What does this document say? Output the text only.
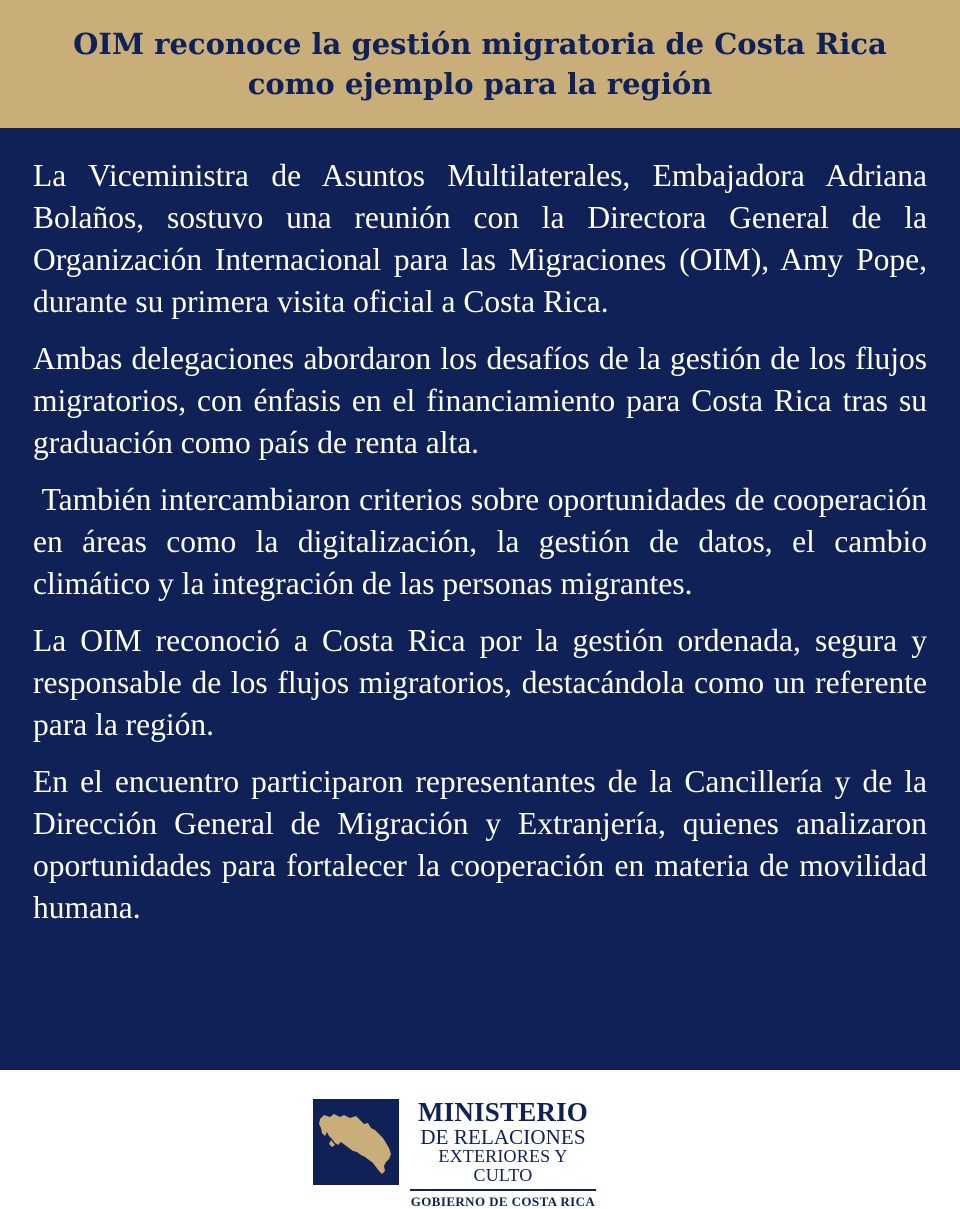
OIM reconoce la gestión migratoria de Costa Rica como ejemplo para la región

La Viceministra de Asuntos Multilaterales, Embajadora Adriana Bolaños, sostuvo una reunión con la Directora General de la Organización Internacional para las Migraciones (OIM), Amy Pope, durante su primera visita oficial a Costa Rica.

Ambas delegaciones abordaron los desafíos de la gestión de los flujos migratorios, con énfasis en el financiamiento para Costa Rica tras su graduación como país de renta alta.

También intercambiaron criterios sobre oportunidades de cooperación en áreas como la digitalización, la gestión de datos, el cambio climático y la integración de las personas migrantes.

La OIM reconoció a Costa Rica por la gestión ordenada, segura y responsable de los flujos migratorios, destacándola como un referente para la región.

En el encuentro participaron representantes de la Cancillería y de la Dirección General de Migración y Extranjería, quienes analizaron oportunidades para fortalecer la cooperación en materia de movilidad humana.

MINISTERIO
DE RELACIONES
EXTERIORES Y CULTO
GOBIERNO DE COSTA RICA
